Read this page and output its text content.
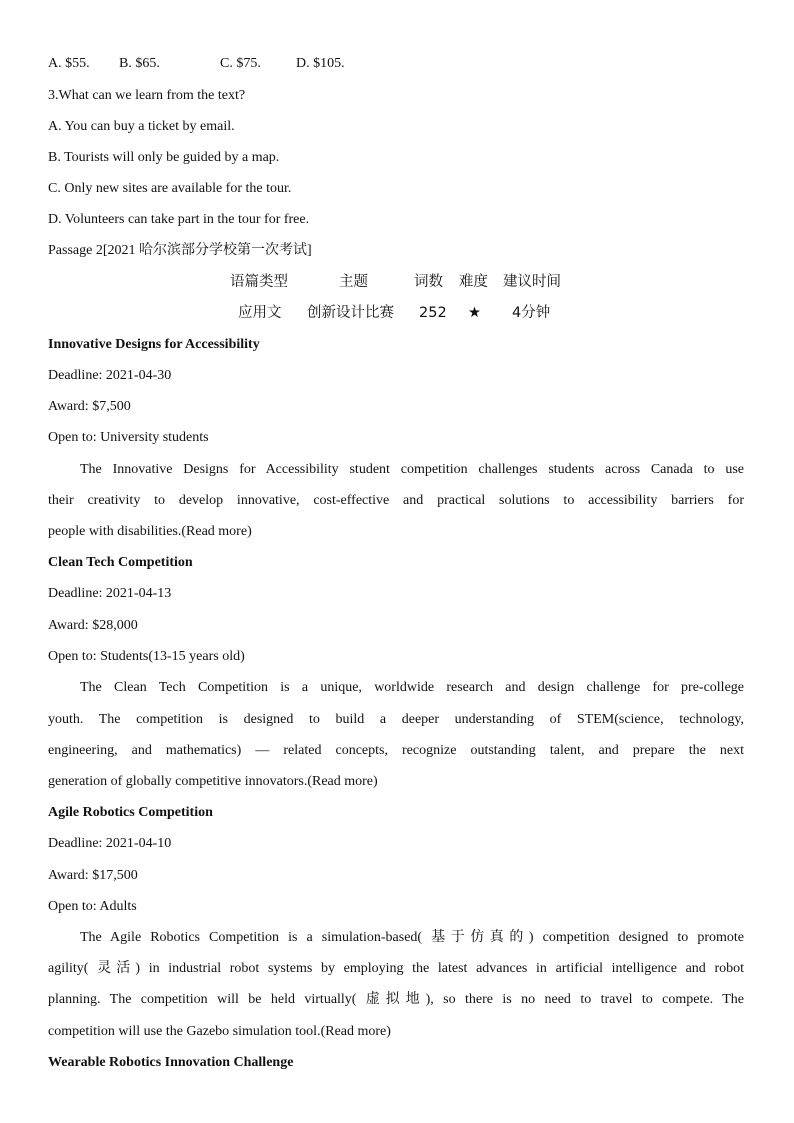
A. $55. B. $65.	C. $75.	D. $105.
3.What can we learn from the text?
A. You can buy a ticket by email.
B. Tourists will only be guided by a map.
C. Only new sites are available for the tour.
D. Volunteers can take part in the tour for free.
Passage 2[2021 哈尔滨部分学校第一次考试]
语篇类型	主题	词数 难度 建议时间
应用文 创新设计比赛 252 ★ 4分钟
Innovative Designs for Accessibility
Deadline: 2021-04-30
Award: $7,500
Open to: University students
The Innovative Designs for Accessibility student competition challenges students across Canada to use
their creativity to develop innovative, cost-effective and practical solutions to accessibility barriers for
people with disabilities.(Read more)
Clean Tech Competition
Deadline: 2021-04-13
Award: $28,000
Open to: Students(13-15 years old)
The Clean Tech Competition is a unique, worldwide research and design challenge for pre-college
youth. The competition is designed to build a deeper understanding of STEM(science, technology,
engineering, and mathematics) — related concepts, recognize outstanding talent, and prepare the next
generation of globally competitive innovators.(Read more)
Agile Robotics Competition
Deadline: 2021-04-10
Award: $17,500
Open to: Adults
The Agile Robotics Competition is a simulation-based( 基于仿真的) competition designed to promote
agility( 灵活) in industrial robot systems by employing the latest advances in artificial intelligence and robot
planning. The competition will be held virtually( 虚拟地), so there is no need to travel to compete. The
competition will use the Gazebo simulation tool.(Read more)
Wearable Robotics Innovation Challenge
